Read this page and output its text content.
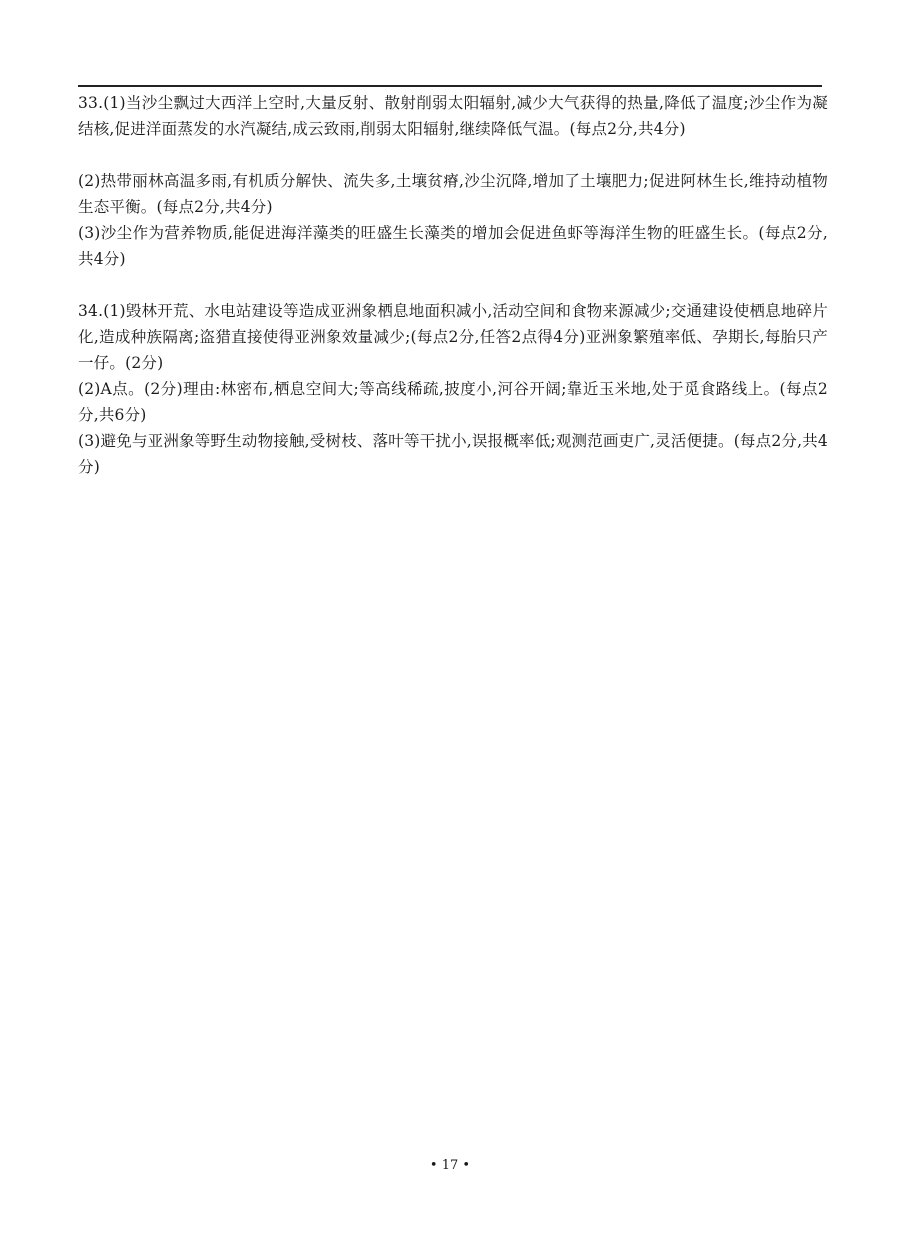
33.(1)当沙尘飘过大西洋上空时,大量反射、散射削弱太阳辐射,减少大气获得的热量,降低了温度;沙尘作为凝结核,促进洋面蒸发的水汽凝结,成云致雨,削弱太阳辐射,继续降低气温。(每点2分,共4分)

(2)热带丽林高温多雨,有机质分解快、流失多,土壤贫瘠,沙尘沉降,增加了土壤肥力;促进阿林生长,维持动植物生态平衡。(每点2分,共4分)

(3)沙尘作为营养物质,能促进海洋藻类的旺盛生长藻类的增加会促进鱼虾等海洋生物的旺盛生长。(每点2分,共4分)

34.(1)毁林开荒、水电站建设等造成亚洲象栖息地面积减小,活动空间和食物来源减少;交通建设使栖息地碎片化,造成种族隔离;盗猎直接使得亚洲象效量减少;(每点2分,任答2点得4分)亚洲象繁殖率低、孕期长,每胎只产一仔。(2分)

(2)A点。(2分)理由:林密布,栖息空间大;等高线稀疏,披度小,河谷开阔;靠近玉米地,处于觅食路线上。(每点2分,共6分)

(3)避免与亚洲象等野生动物接触,受树枝、落叶等干扰小,误报概率低;观测范画吏广,灵活便捷。(每点2分,共4分)

• 17 •
